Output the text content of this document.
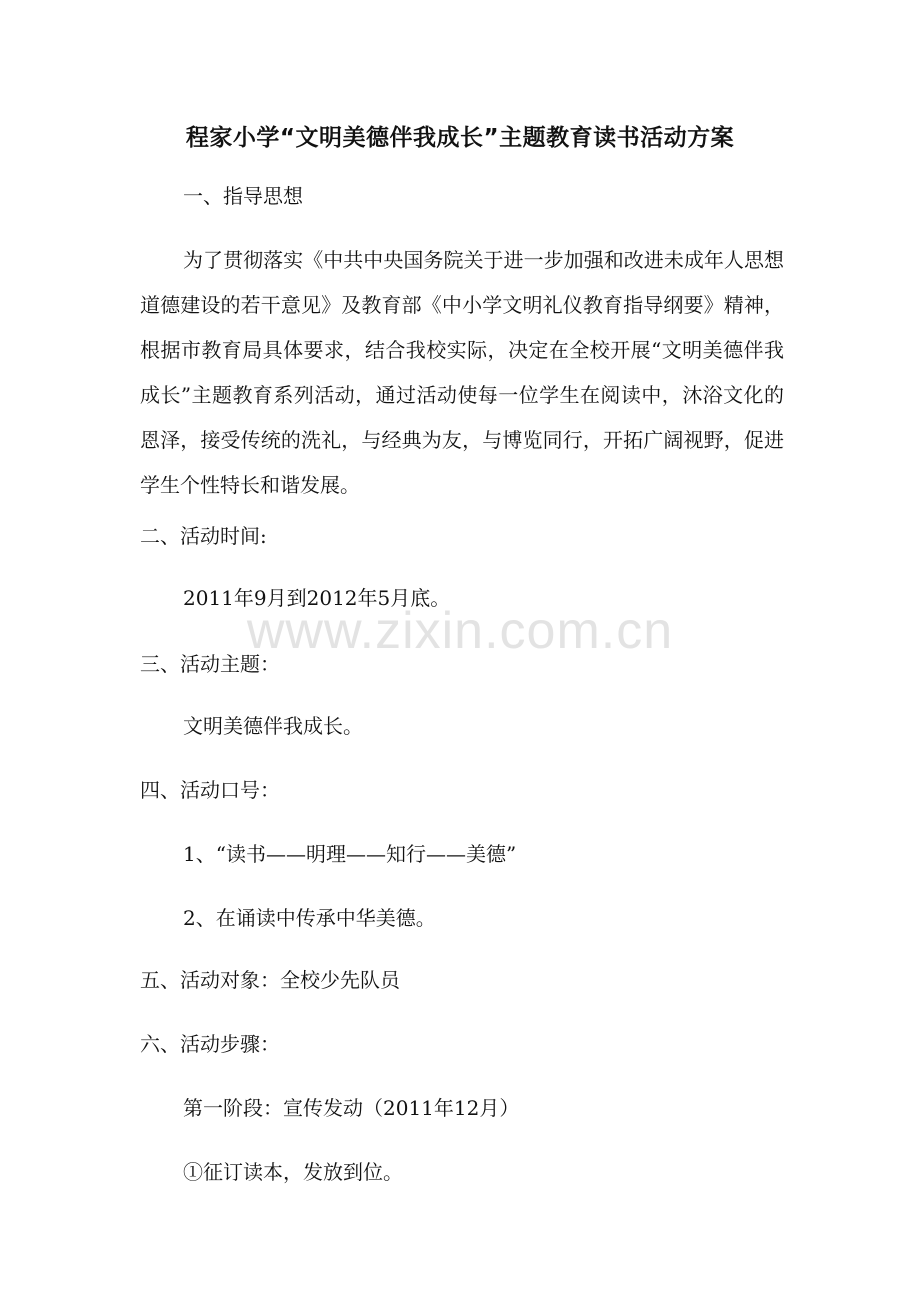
程家小学“文明美德伴我成长”主题教育读书活动方案
一、指导思想
为了贯彻落实《中共中央国务院关于进一步加强和改进未成年人思想道德建设的若干意见》及教育部《中小学文明礼仪教育指导纲要》精神，根据市教育局具体要求，结合我校实际，决定在全校开展“文明美德伴我成长”主题教育系列活动，通过活动使每一位学生在阅读中，沐浴文化的恩泽，接受传统的洗礼，与经典为友，与博览同行，开拓广阔视野，促进学生个性特长和谐发展。
二、活动时间:
2011年9月到2012年5月底。
三、活动主题：
文明美德伴我成长。
四、活动口号：
1、“读书——明理——知行——美德”
2、在诵读中传承中华美德。
五、活动对象：全校少先队员
六、活动步骤：
第一阶段：宣传发动（2011年12月）
①征订读本，发放到位。
www.zixin.com.cn
